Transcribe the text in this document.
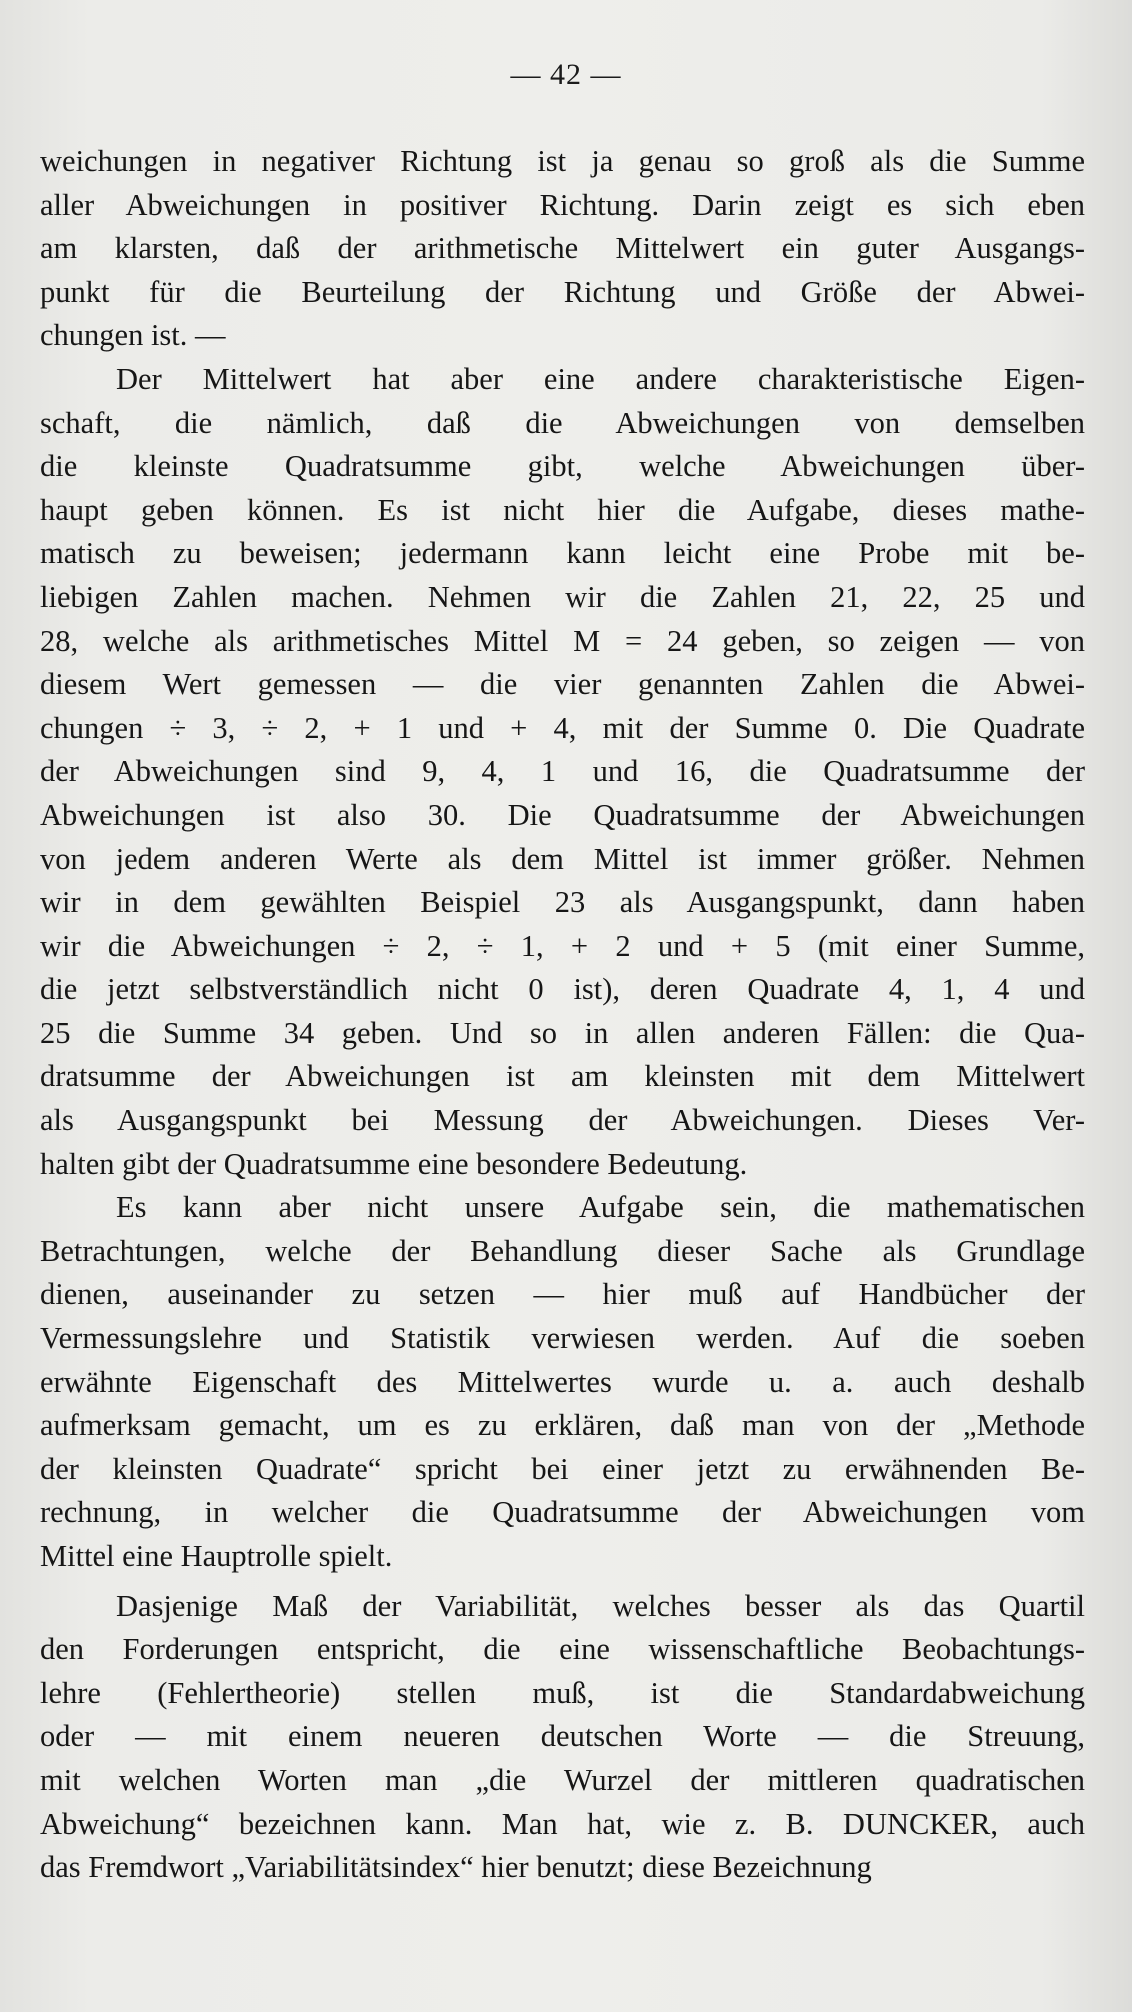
— 42 —
weichungen in negativer Richtung ist ja genau so groß als die Summe
aller Abweichungen in positiver Richtung. Darin zeigt es sich eben
am klarsten, daß der arithmetische Mittelwert ein guter Ausgangs-
punkt für die Beurteilung der Richtung und Größe der Abwei-
chungen ist. —
Der Mittelwert hat aber eine andere charakteristische Eigen-
schaft, die nämlich, daß die Abweichungen von demselben
die kleinste Quadratsumme gibt, welche Abweichungen über-
haupt geben können. Es ist nicht hier die Aufgabe, dieses mathe-
matisch zu beweisen; jedermann kann leicht eine Probe mit be-
liebigen Zahlen machen. Nehmen wir die Zahlen 21, 22, 25 und
28, welche als arithmetisches Mittel M = 24 geben, so zeigen — von
diesem Wert gemessen — die vier genannten Zahlen die Abwei-
chungen ÷ 3, ÷ 2, + 1 und + 4, mit der Summe 0. Die Quadrate
der Abweichungen sind 9, 4, 1 und 16, die Quadratsumme der
Abweichungen ist also 30. Die Quadratsumme der Abweichungen
von jedem anderen Werte als dem Mittel ist immer größer. Nehmen
wir in dem gewählten Beispiel 23 als Ausgangspunkt, dann haben
wir die Abweichungen ÷ 2, ÷ 1, + 2 und + 5 (mit einer Summe,
die jetzt selbstverständlich nicht 0 ist), deren Quadrate 4, 1, 4 und
25 die Summe 34 geben. Und so in allen anderen Fällen: die Qua-
dratsumme der Abweichungen ist am kleinsten mit dem Mittelwert
als Ausgangspunkt bei Messung der Abweichungen. Dieses Ver-
halten gibt der Quadratsumme eine besondere Bedeutung.
Es kann aber nicht unsere Aufgabe sein, die mathematischen
Betrachtungen, welche der Behandlung dieser Sache als Grundlage
dienen, auseinander zu setzen — hier muß auf Handbücher der
Vermessungslehre und Statistik verwiesen werden. Auf die soeben
erwähnte Eigenschaft des Mittelwertes wurde u. a. auch deshalb
aufmerksam gemacht, um es zu erklären, daß man von der „Methode
der kleinsten Quadrate“ spricht bei einer jetzt zu erwähnenden Be-
rechnung, in welcher die Quadratsumme der Abweichungen vom
Mittel eine Hauptrolle spielt.
Dasjenige Maß der Variabilität, welches besser als das Quartil
den Forderungen entspricht, die eine wissenschaftliche Beobachtungs-
lehre (Fehlertheorie) stellen muß, ist die Standardabweichung
oder — mit einem neueren deutschen Worte — die Streuung,
mit welchen Worten man „die Wurzel der mittleren quadratischen
Abweichung“ bezeichnen kann. Man hat, wie z. B. DUNCKER, auch
das Fremdwort „Variabilitätsindex“ hier benutzt; diese Bezeichnung
